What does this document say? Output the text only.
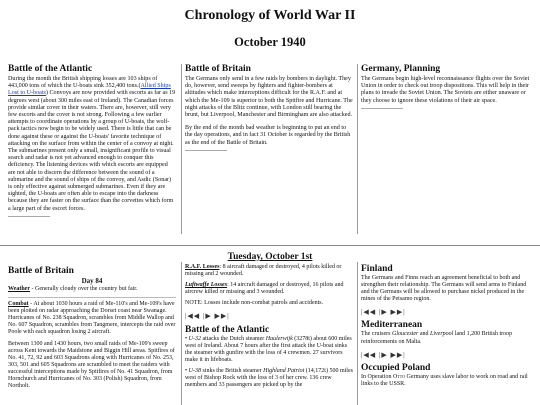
Chronology of World War II
October 1940
Battle of the Atlantic

During the month the British shipping losses are 103 ships of 443,000 tons of which the U-boats sink 352,400 tons.(Allied Ships Lost to U-boats) Convoys are now provided with escorts as far as 19 degrees west (about 300 miles east of Ireland). The Canadian forces provide similar cover in their waters. There are, however, still very few escorts and the cover is not strong. Following a few earlier attempts to coordinate operations by a group of U-boats, the wolf-pack tactics now begin to be widely used. There is little that can be done against these or against the U-boats' favorite technique of attacking on the surface from within the center of a convoy at night. The submarines present only a small, insignificant profile to visual search and radar is not yet advanced enough to conquer this deficiency. The listening devices with which escorts are equipped are not able to discern the difference between the sound of a submarine and the sound of ships of the convoy, and Asdic (Sonar) is only effective against submerged submarines. Even if they are sighted, the U-boats are often able to escape into the darkness because they are faster on the surface than the corvettes which form a large part of the escort forces.

Battle of Britain

The Germans only send in a few raids by bombers in daylight. They do, however, send sweeps by fighters and fighter-bombers at altitudes which make interceptions difficult for the R.A.F. and at which the Me-109 is superior to both the Spitfire and Hurricane. The night attacks of the Blitz continue, with London still bearing the brunt, but Liverpool, Manchester and Birmingham are also attacked.

By the end of the month bad weather is beginning to put an end to the day operations, and in fact 31 October is regarded by the British as the end of the Battle of Britain.

Germany, Planning

The Germans begin high-level reconnaissance flights over the Soviet Union in order to check out troop dispositions. This will help in their plans to invade the Soviet Union. The Soviets are either unaware or they choose to ignore these violations of their air space.

Tuesday, October 1st
Battle of Britain
Day 84

Weather - Generally cloudy over the country but fair.

Combat - At about 1030 hours a raid of Me-110's and Me-109's have been plotted on radar approaching the Dorset coast near Swanage. Hurricanes of No. 238 Squadron, scrambles from Middle Wallop and No. 607 Squadron, scrambles from Tangmere, intercepts the raid over Poole with each squadron losing 2 aircraft.

Between 1300 and 1430 hours, two small raids of Me-109's sweep across Kent towards the Maidstone and Biggin Hill areas. Spitfires of No. 41, 72, 92 and 603 Squadrons along with Hurricanes of No. 253, 303, 501 and 605 Squadrons are scrambled to meet the raiders with successful interceptions made by Spitfires of No. 41 Squadron, from Hornchurch and Hurricanes of No. 303 (Polish) Squadron, from Northolt.

R.A.F. Losses: 8 aircraft damaged or destroyed, 4 pilots killed or missing and 2 wounded.

Luftwaffe Losses: 14 aircraft damaged or destroyed, 16 pilots and aircrew killed or missing and 3 wounded.

NOTE: Losses include non-combat patrols and accidents.

|◀◀ |▶ ▶▶|
Battle of the Atlantic

• U-32 attacks the Dutch steamer Haulerwijk (3278t) about 600 miles west of Ireland. About 7 hours after the first attack the U-boat sinks the steamer with gunfire with the loss of 4 crewmen. 27 survivors make it in lifeboats.

• U-38 sinks the British steamer Highland Patriot (14,172t) 500 miles west of Bishop Rock with the loss of 3 of her crew. 136 crew members and 33 passengers are picked up by the

Finland

The Germans and Finns reach an agreement beneficial to both and strengthen their relationship. The Germans will send arms to Finland and the Germans will be allowed to purchase nickel produced in the mines of the Petsamo region.

|◀◀ |▶ ▶▶|
Mediterranean

The cruisers Gloucester and Liverpool land 1,200 British troop reinforcements on Malta.

|◀◀ |▶ ▶▶|
Occupied Poland

In Operation Otto Germany uses slave labor to work on road and rail links to the USSR.
